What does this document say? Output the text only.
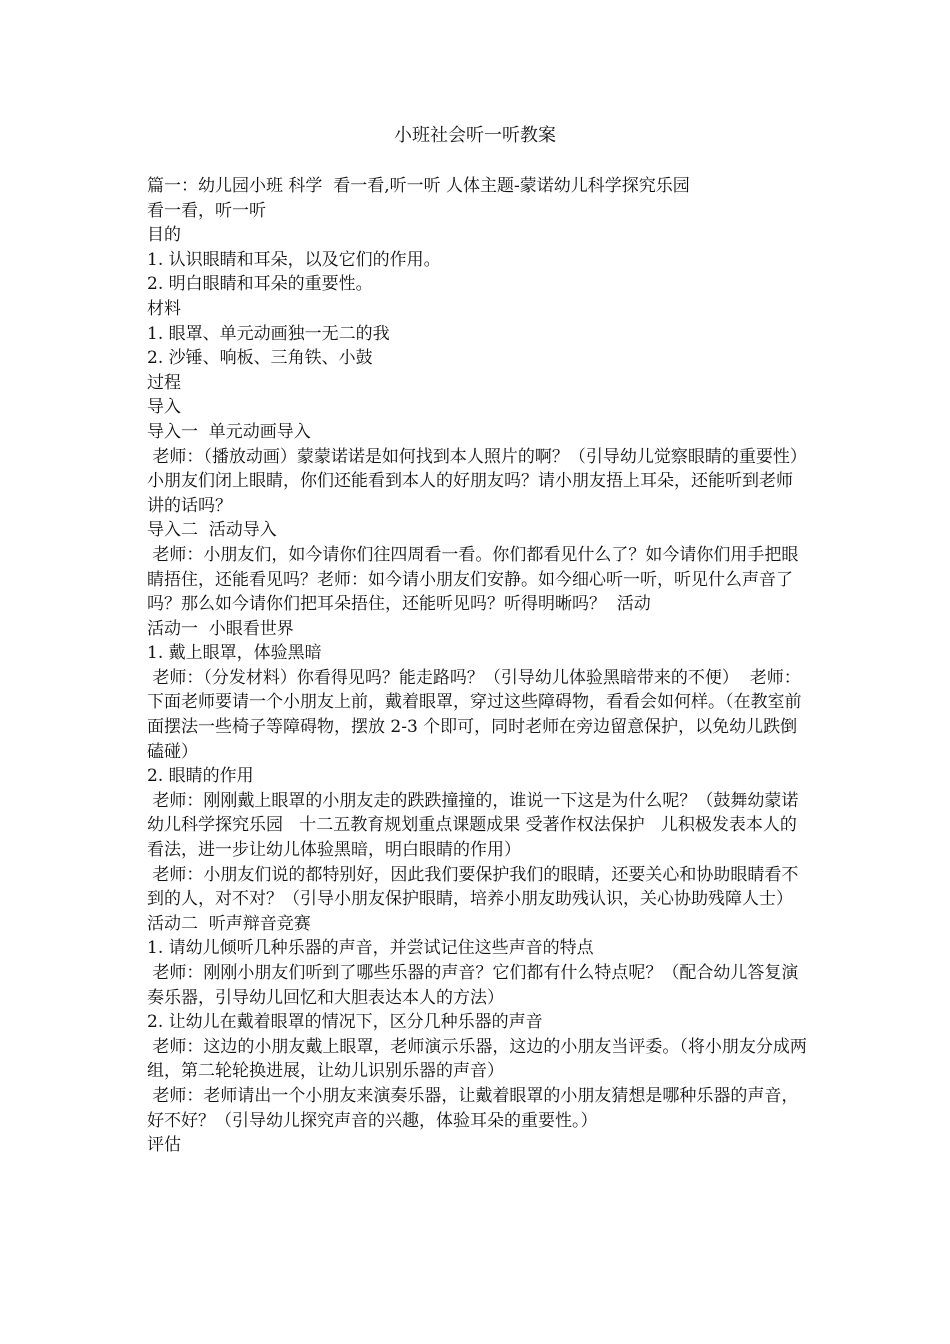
小班社会听一听教案

篇一：幼儿园小班 科学  看一看,听一听 人体主题-蒙诺幼儿科学探究乐园

看一看，听一听

目的

1. 认识眼睛和耳朵，以及它们的作用。

2. 明白眼睛和耳朵的重要性。

材料

1. 眼罩、单元动画独一无二的我

2. 沙锤、响板、三角铁、小鼓

过程

导入

导入一  单元动画导入

老师：（播放动画）蒙蒙诺诺是如何找到本人照片的啊？（引导幼儿觉察眼睛的重要性）小朋友们闭上眼睛，你们还能看到本人的好朋友吗？请小朋友捂上耳朵，还能听到老师讲的话吗？

导入二  活动导入

老师：小朋友们，如今请你们往四周看一看。你们都看见什么了？如今请你们用手把眼睛捂住，还能看见吗？老师：如今请小朋友们安静。如今细心听一听，听见什么声音了吗？那么如今请你们把耳朵捂住，还能听见吗？听得明晰吗？  活动

活动一  小眼看世界

1. 戴上眼罩，体验黑暗

老师：（分发材料）你看得见吗？能走路吗？（引导幼儿体验黑暗带来的不便）  老师：下面老师要请一个小朋友上前，戴着眼罩，穿过这些障碍物，看看会如何样。（在教室前面摆法一些椅子等障碍物，摆放 2-3 个即可，同时老师在旁边留意保护，以免幼儿跌倒磕碰）

2. 眼睛的作用

老师：刚刚戴上眼罩的小朋友走的跌跌撞撞的，谁说一下这是为什么呢？（鼓舞幼蒙诺幼儿科学探究乐园   十二五教育规划重点课题成果 受著作权法保护   儿积极发表本人的看法，进一步让幼儿体验黑暗，明白眼睛的作用）

老师：小朋友们说的都特别好，因此我们要保护我们的眼睛，还要关心和协助眼睛看不到的人，对不对？（引导小朋友保护眼睛，培养小朋友助残认识，关心协助残障人士）

活动二  听声辩音竞赛

1. 请幼儿倾听几种乐器的声音，并尝试记住这些声音的特点

老师：刚刚小朋友们听到了哪些乐器的声音？它们都有什么特点呢？（配合幼儿答复演奏乐器，引导幼儿回忆和大胆表达本人的方法）

2. 让幼儿在戴着眼罩的情况下，区分几种乐器的声音

老师：这边的小朋友戴上眼罩，老师演示乐器，这边的小朋友当评委。（将小朋友分成两组，第二轮轮换进展，让幼儿识别乐器的声音）

老师：老师请出一个小朋友来演奏乐器，让戴着眼罩的小朋友猜想是哪种乐器的声音，好不好？（引导幼儿探究声音的兴趣，体验耳朵的重要性。）

评估
